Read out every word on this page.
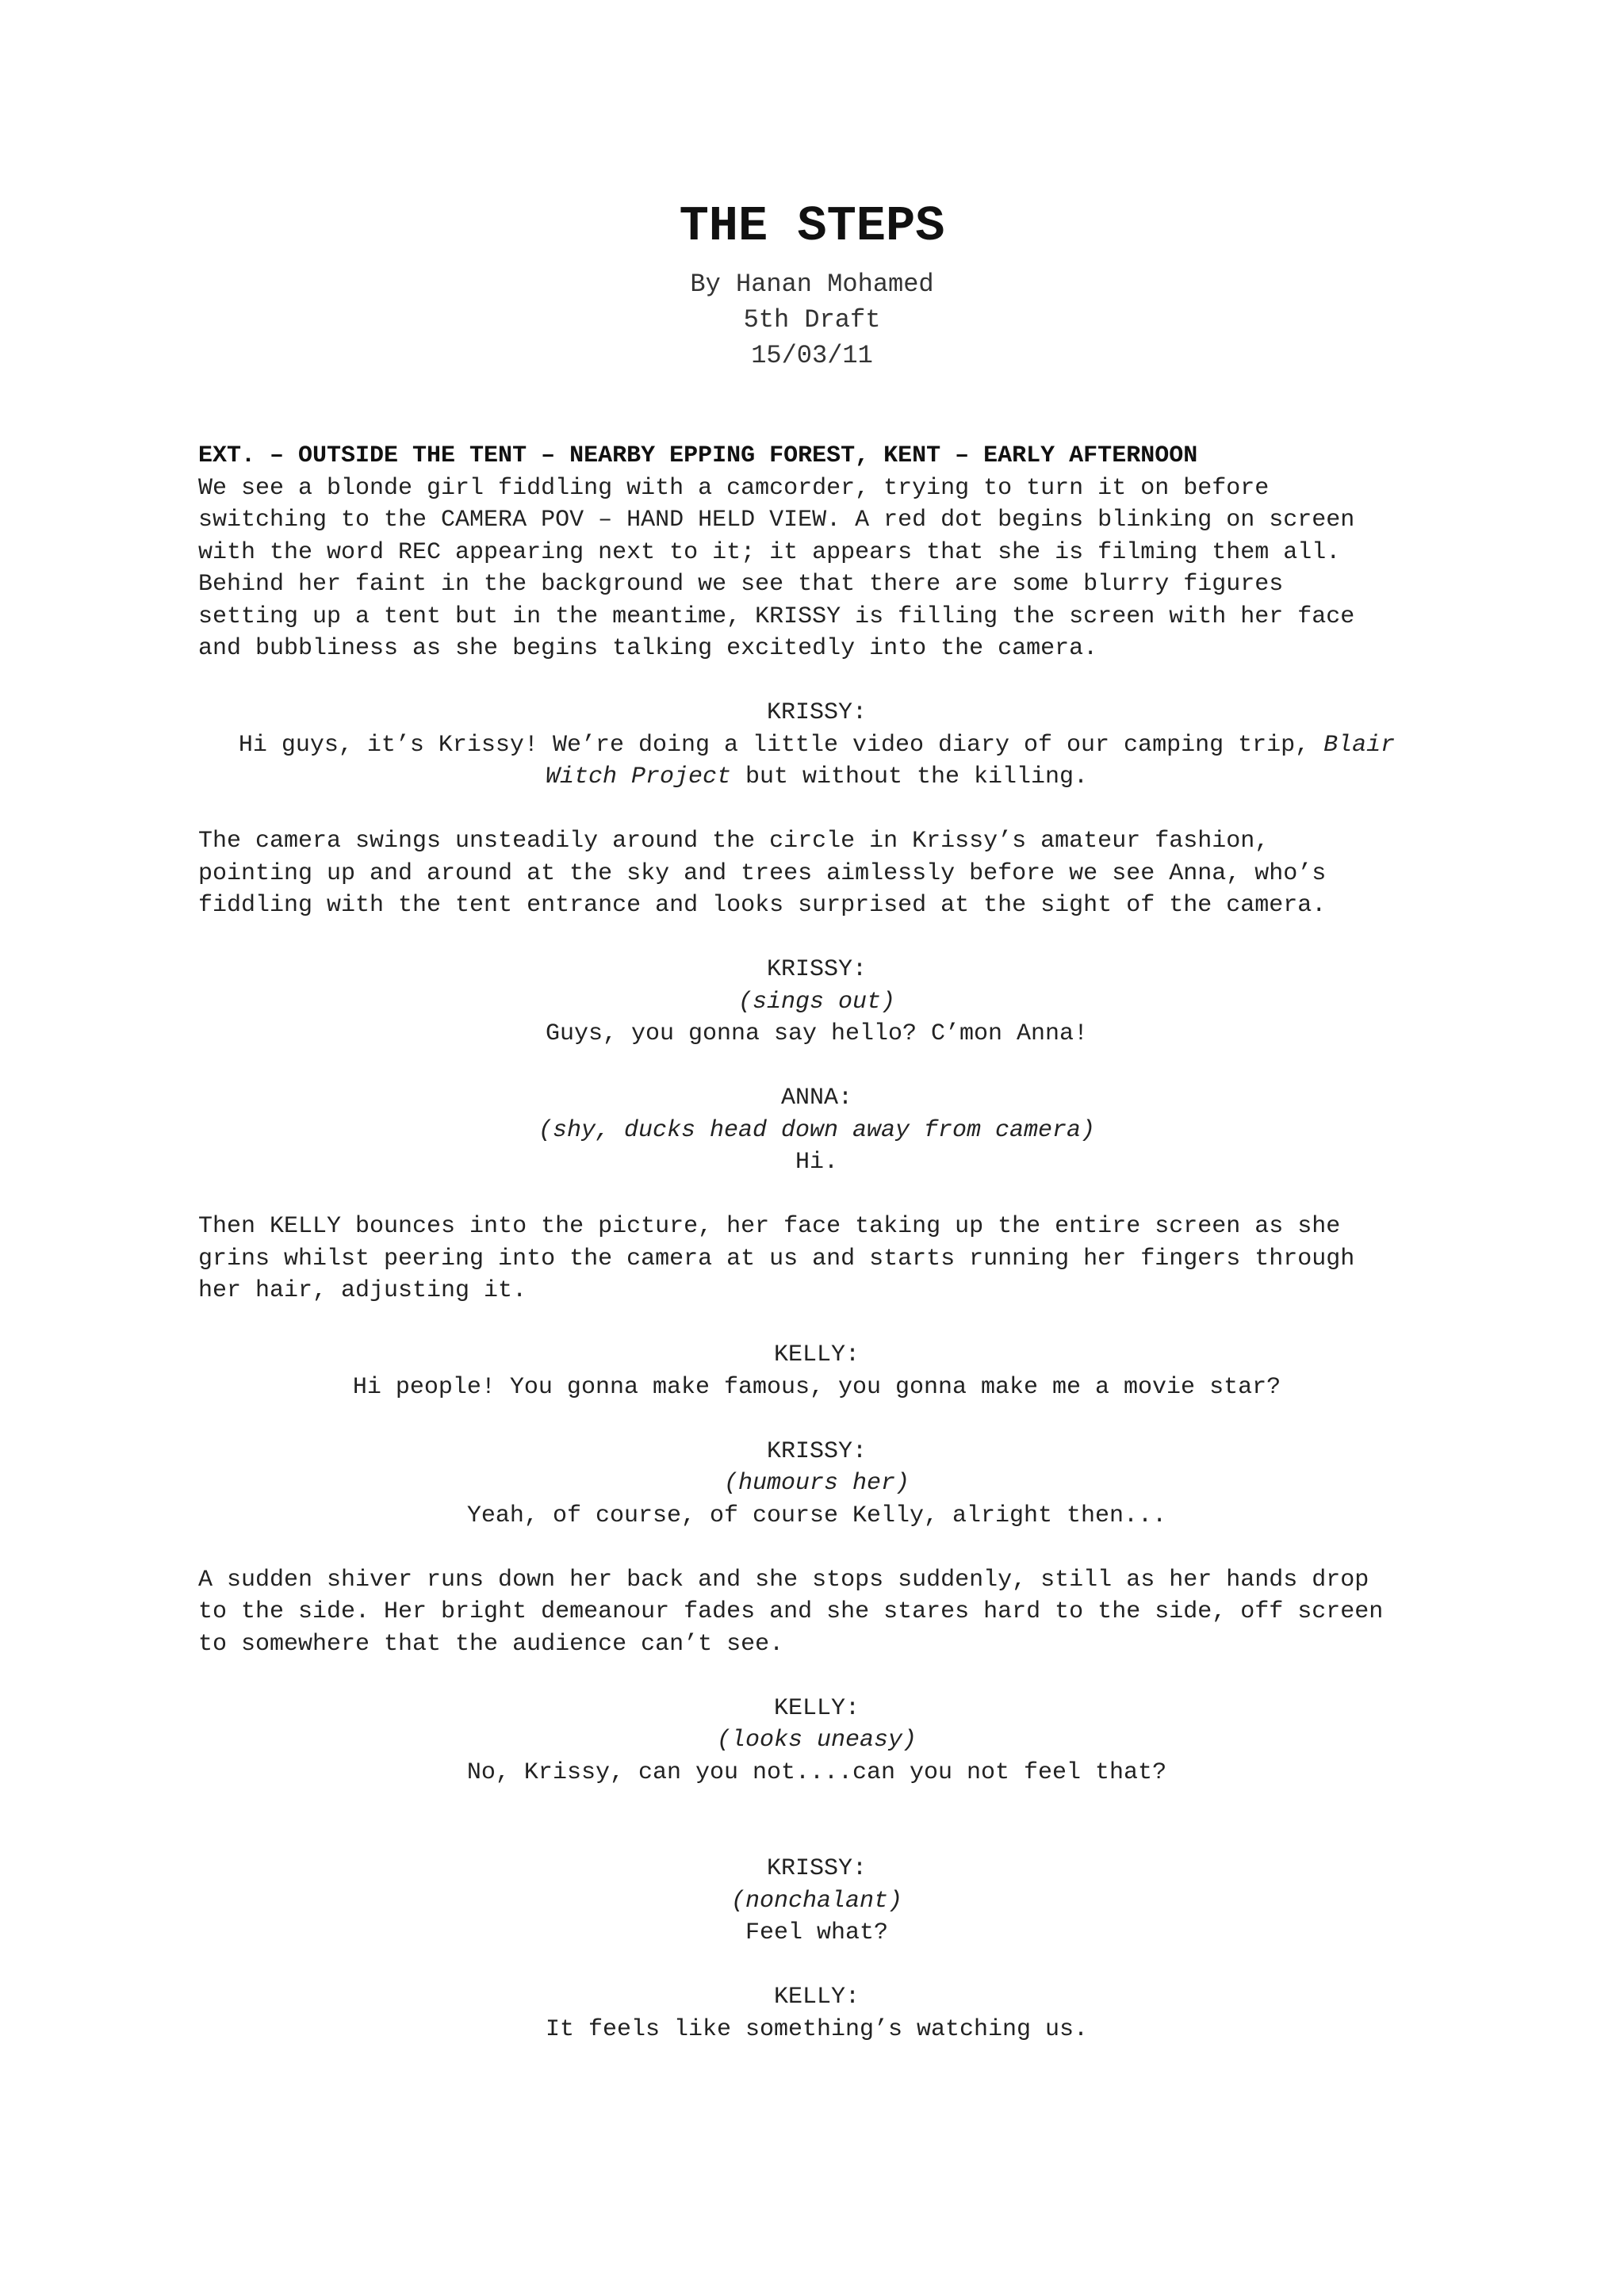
THE STEPS
By Hanan Mohamed
5th Draft
15/03/11
EXT. – OUTSIDE THE TENT – NEARBY EPPING FOREST, KENT – EARLY AFTERNOON
We see a blonde girl fiddling with a camcorder, trying to turn it on before
switching to the CAMERA POV – HAND HELD VIEW. A red dot begins blinking on screen
with the word REC appearing next to it; it appears that she is filming them all.
Behind her faint in the background we see that there are some blurry figures
setting up a tent but in the meantime, KRISSY is filling the screen with her face
and bubbliness as she begins talking excitedly into the camera.
KRISSY:
Hi guys, it’s Krissy! We’re doing a little video diary of our camping trip, Blair
Witch Project but without the killing.
The camera swings unsteadily around the circle in Krissy’s amateur fashion,
pointing up and around at the sky and trees aimlessly before we see Anna, who’s
fiddling with the tent entrance and looks surprised at the sight of the camera.
KRISSY:
(sings out)
Guys, you gonna say hello? C’mon Anna!
ANNA:
(shy, ducks head down away from camera)
Hi.
Then KELLY bounces into the picture, her face taking up the entire screen as she
grins whilst peering into the camera at us and starts running her fingers through
her hair, adjusting it.
KELLY:
Hi people! You gonna make famous, you gonna make me a movie star?
KRISSY:
(humours her)
Yeah, of course, of course Kelly, alright then...
A sudden shiver runs down her back and she stops suddenly, still as her hands drop
to the side. Her bright demeanour fades and she stares hard to the side, off screen
to somewhere that the audience can’t see.
KELLY:
(looks uneasy)
No, Krissy, can you not....can you not feel that?
KRISSY:
(nonchalant)
Feel what?
KELLY:
It feels like something’s watching us.
